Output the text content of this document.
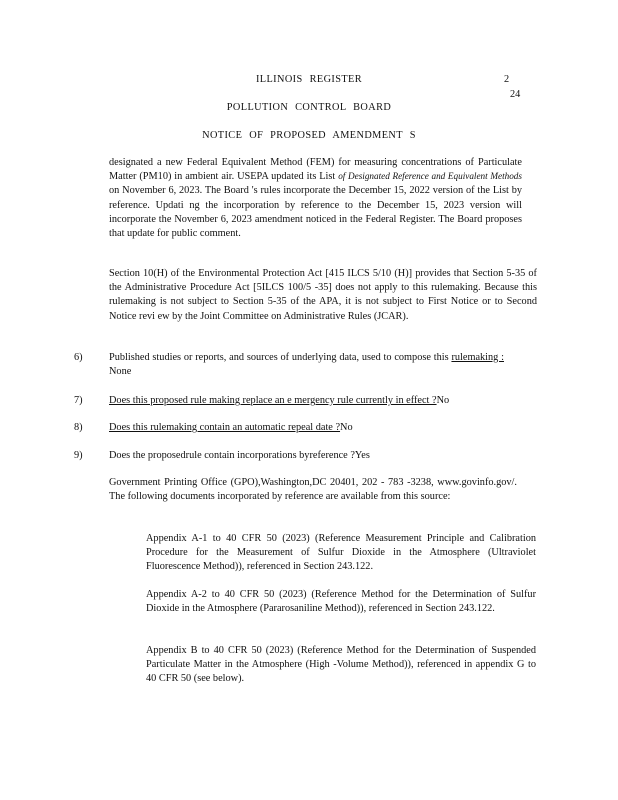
ILLINOIS REGISTER	2
24
POLLUTION CONTROL BOARD
NOTICE OF PROPOSED AMENDMENT S
designated a new Federal Equivalent Method (FEM) for measuring concentrations of Particulate Matter (PM10) in ambient air. USEPA updated its List of Designated Reference and Equivalent Methods on November 6, 2023. The Board 's rules incorporate the December 15, 2022 version of the List by reference. Updati ng the incorporation by reference to the December 15, 2023 version will incorporate the November 6, 2023 amendment noticed in the Federal Register. The Board proposes that update for public comment.
Section 10(H) of the Environmental Protection Act [415 ILCS 5/10 (H)] provides that Section 5-35 of the Administrative Procedure Act [5ILCS 100/5 -35] does not apply to this rulemaking. Because this rulemaking is not subject to Section 5-35 of the APA, it is not subject to First Notice or to Second Notice revi ew by the Joint Committee on Administrative Rules (JCAR).
6)	Published studies or reports, and sources of underlying data, used to compose this rulemaking : None
7)	Does this proposed rule making replace an e mergency rule currently in effect ?No
8)	Does this rulemaking contain an automatic repeal date ?No
9)	Does the proposedrule contain incorporations byreference ?Yes
Government Printing Office (GPO),Washington,DC 20401, 202 - 783 -3238, www.govinfo.gov/. The following documents incorporated by reference are available from this source:
Appendix A-1 to 40 CFR 50 (2023) (Reference Measurement Principle and Calibration Procedure for the Measurement of Sulfur Dioxide in the Atmosphere (Ultraviolet Fluorescence Method)), referenced in Section 243.122.
Appendix A-2 to 40 CFR 50 (2023) (Reference Method for the Determination of Sulfur Dioxide in the Atmosphere (Pararosaniline Method)), referenced in Section 243.122.
Appendix B to 40 CFR 50 (2023) (Reference Method for the Determination of Suspended Particulate Matter in the Atmosphere (High -Volume Method)), referenced in appendix G to 40 CFR 50 (see below).
